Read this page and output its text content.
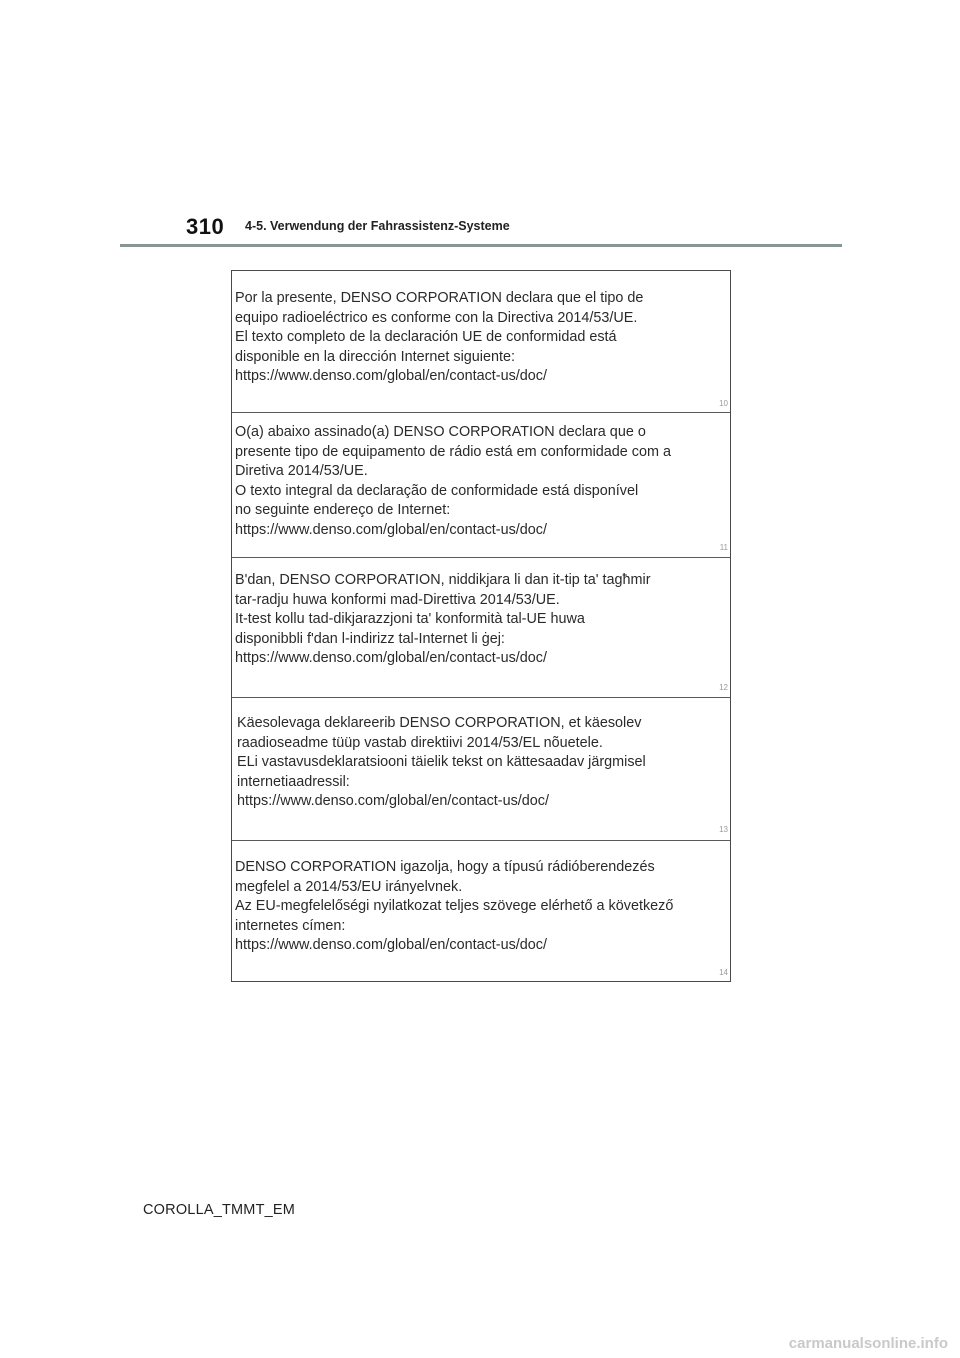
310 4-5. Verwendung der Fahrassistenz-Systeme
Por la presente, DENSO CORPORATION declara que el tipo de
equipo radioeléctrico es conforme con la Directiva 2014/53/UE.
El texto completo de la declaración UE de conformidad está
disponible en la dirección Internet siguiente:
https://www.denso.com/global/en/contact-us/doc/
10
O(a) abaixo assinado(a) DENSO CORPORATION declara que o
presente tipo de equipamento de rádio está em conformidade com a
Diretiva 2014/53/UE.
O texto integral da declaração de conformidade está disponível
no seguinte endereço de Internet:
https://www.denso.com/global/en/contact-us/doc/
11
B'dan, DENSO CORPORATION, niddikjara li dan it-tip ta' tagħmir
tar-radju huwa konformi mad-Direttiva 2014/53/UE.
It-test kollu tad-dikjarazzjoni ta' konformità tal-UE huwa
disponibbli f'dan l-indirizz tal-Internet li ġej:
https://www.denso.com/global/en/contact-us/doc/
12
Käesolevaga deklareerib DENSO CORPORATION, et käesolev
raadioseadme tüüp vastab direktiivi 2014/53/EL nõuetele.
ELi vastavusdeklaratsiooni täielik tekst on kättesaadav järgmisel
internetiaadressil:
https://www.denso.com/global/en/contact-us/doc/
13
DENSO CORPORATION igazolja, hogy a típusú rádióberendezés
megfelel a 2014/53/EU irányelvnek.
Az EU-megfelelőségi nyilatkozat teljes szövege elérhető a következő
internetes címen:
https://www.denso.com/global/en/contact-us/doc/
14
COROLLA_TMMT_EM
carmanualsonline.info
